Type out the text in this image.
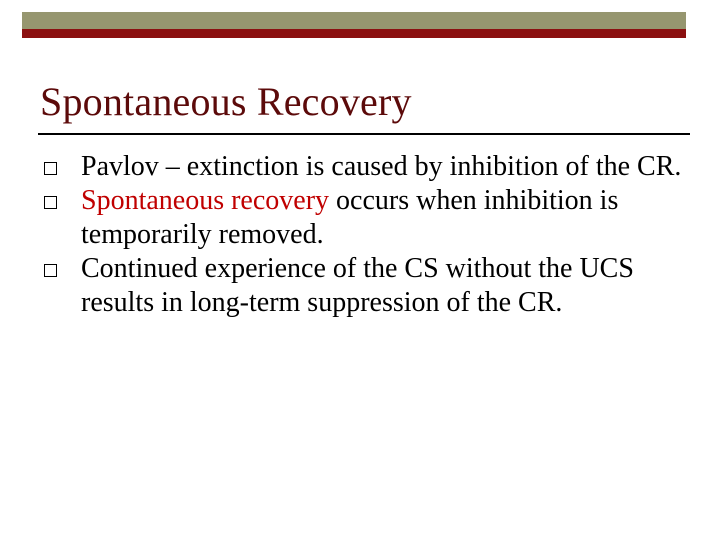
Spontaneous Recovery
Pavlov – extinction is caused by inhibition of the CR.
Spontaneous recovery occurs when inhibition is temporarily removed.
Continued experience of the CS without the UCS results in long-term suppression of the CR.
